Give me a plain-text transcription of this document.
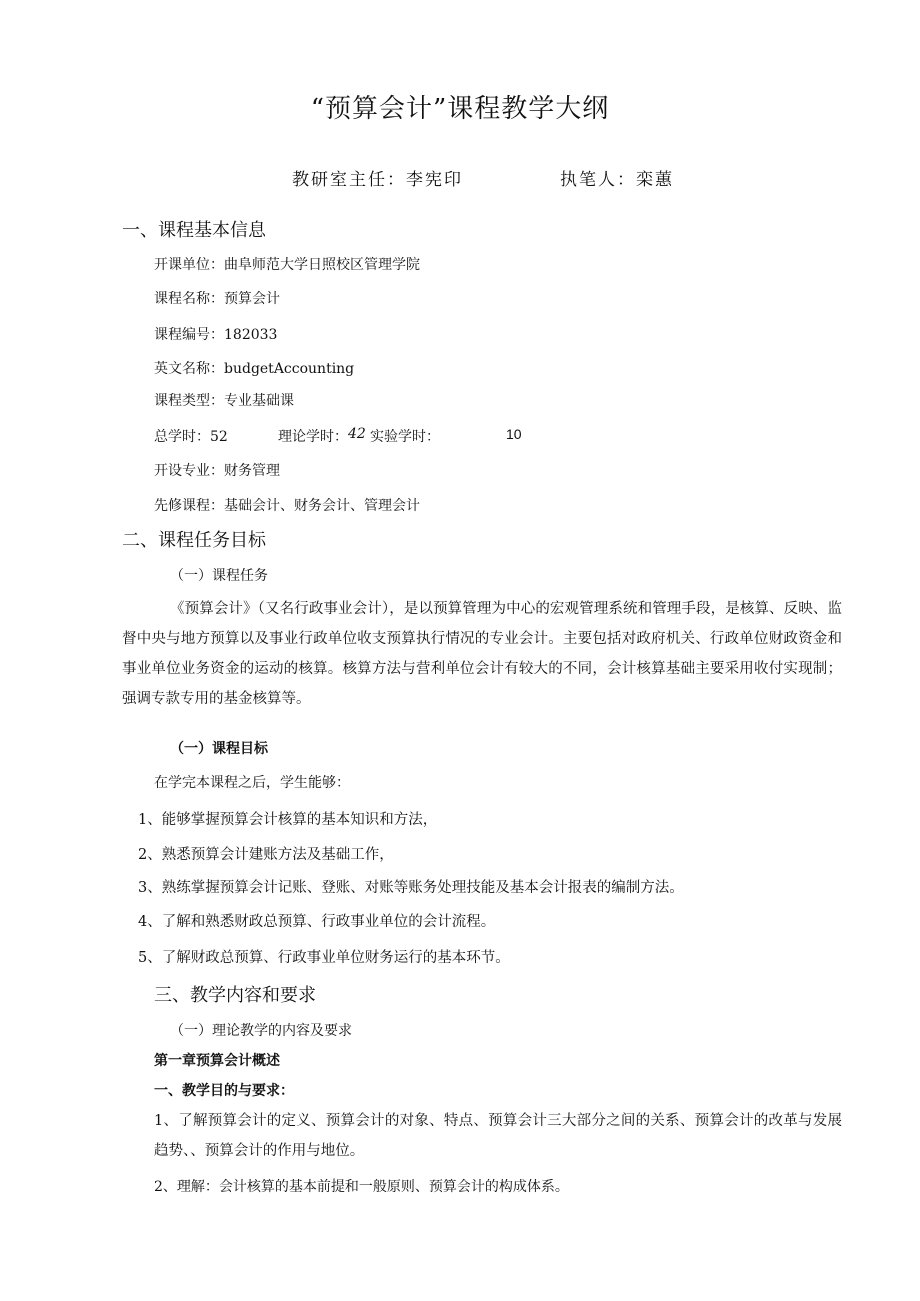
“预算会计”课程教学大纲
教研室主任：李宪印	执笔人：栾蕙
一、课程基本信息
开课单位：曲阜师范大学日照校区管理学院
课程名称：预算会计
课程编号：182033
英文名称：budgetAccounting
课程类型：专业基础课
总学时：52	理论学时： 42 实验学时：	10
开设专业：财务管理
先修课程：基础会计、财务会计、管理会计
二、课程任务目标
（一）课程任务
《预算会计》（又名行政事业会计），是以预算管理为中心的宏观管理系统和管理手段，是核算、反映、监督中央与地方预算以及事业行政单位收支预算执行情况的专业会计。主要包括对政府机关、行政单位财政资金和事业单位业务资金的运动的核算。核算方法与营利单位会计有较大的不同，会计核算基础主要采用收付实现制；强调专款专用的基金核算等。
（一）课程目标
在学完本课程之后，学生能够：
1、能够掌握预算会计核算的基本知识和方法，
2、熟悉预算会计建账方法及基础工作，
3、熟练掌握预算会计记账、登账、对账等账务处理技能及基本会计报表的编制方法。
4、了解和熟悉财政总预算、行政事业单位的会计流程。
5、了解财政总预算、行政事业单位财务运行的基本环节。
三、教学内容和要求
（一）理论教学的内容及要求
第一章预算会计概述
一、教学目的与要求：
1、了解预算会计的定义、预算会计的对象、特点、预算会计三大部分之间的关系、预算会计的改革与发展趋势、、预算会计的作用与地位。
2、理解：会计核算的基本前提和一般原则、预算会计的构成体系。
